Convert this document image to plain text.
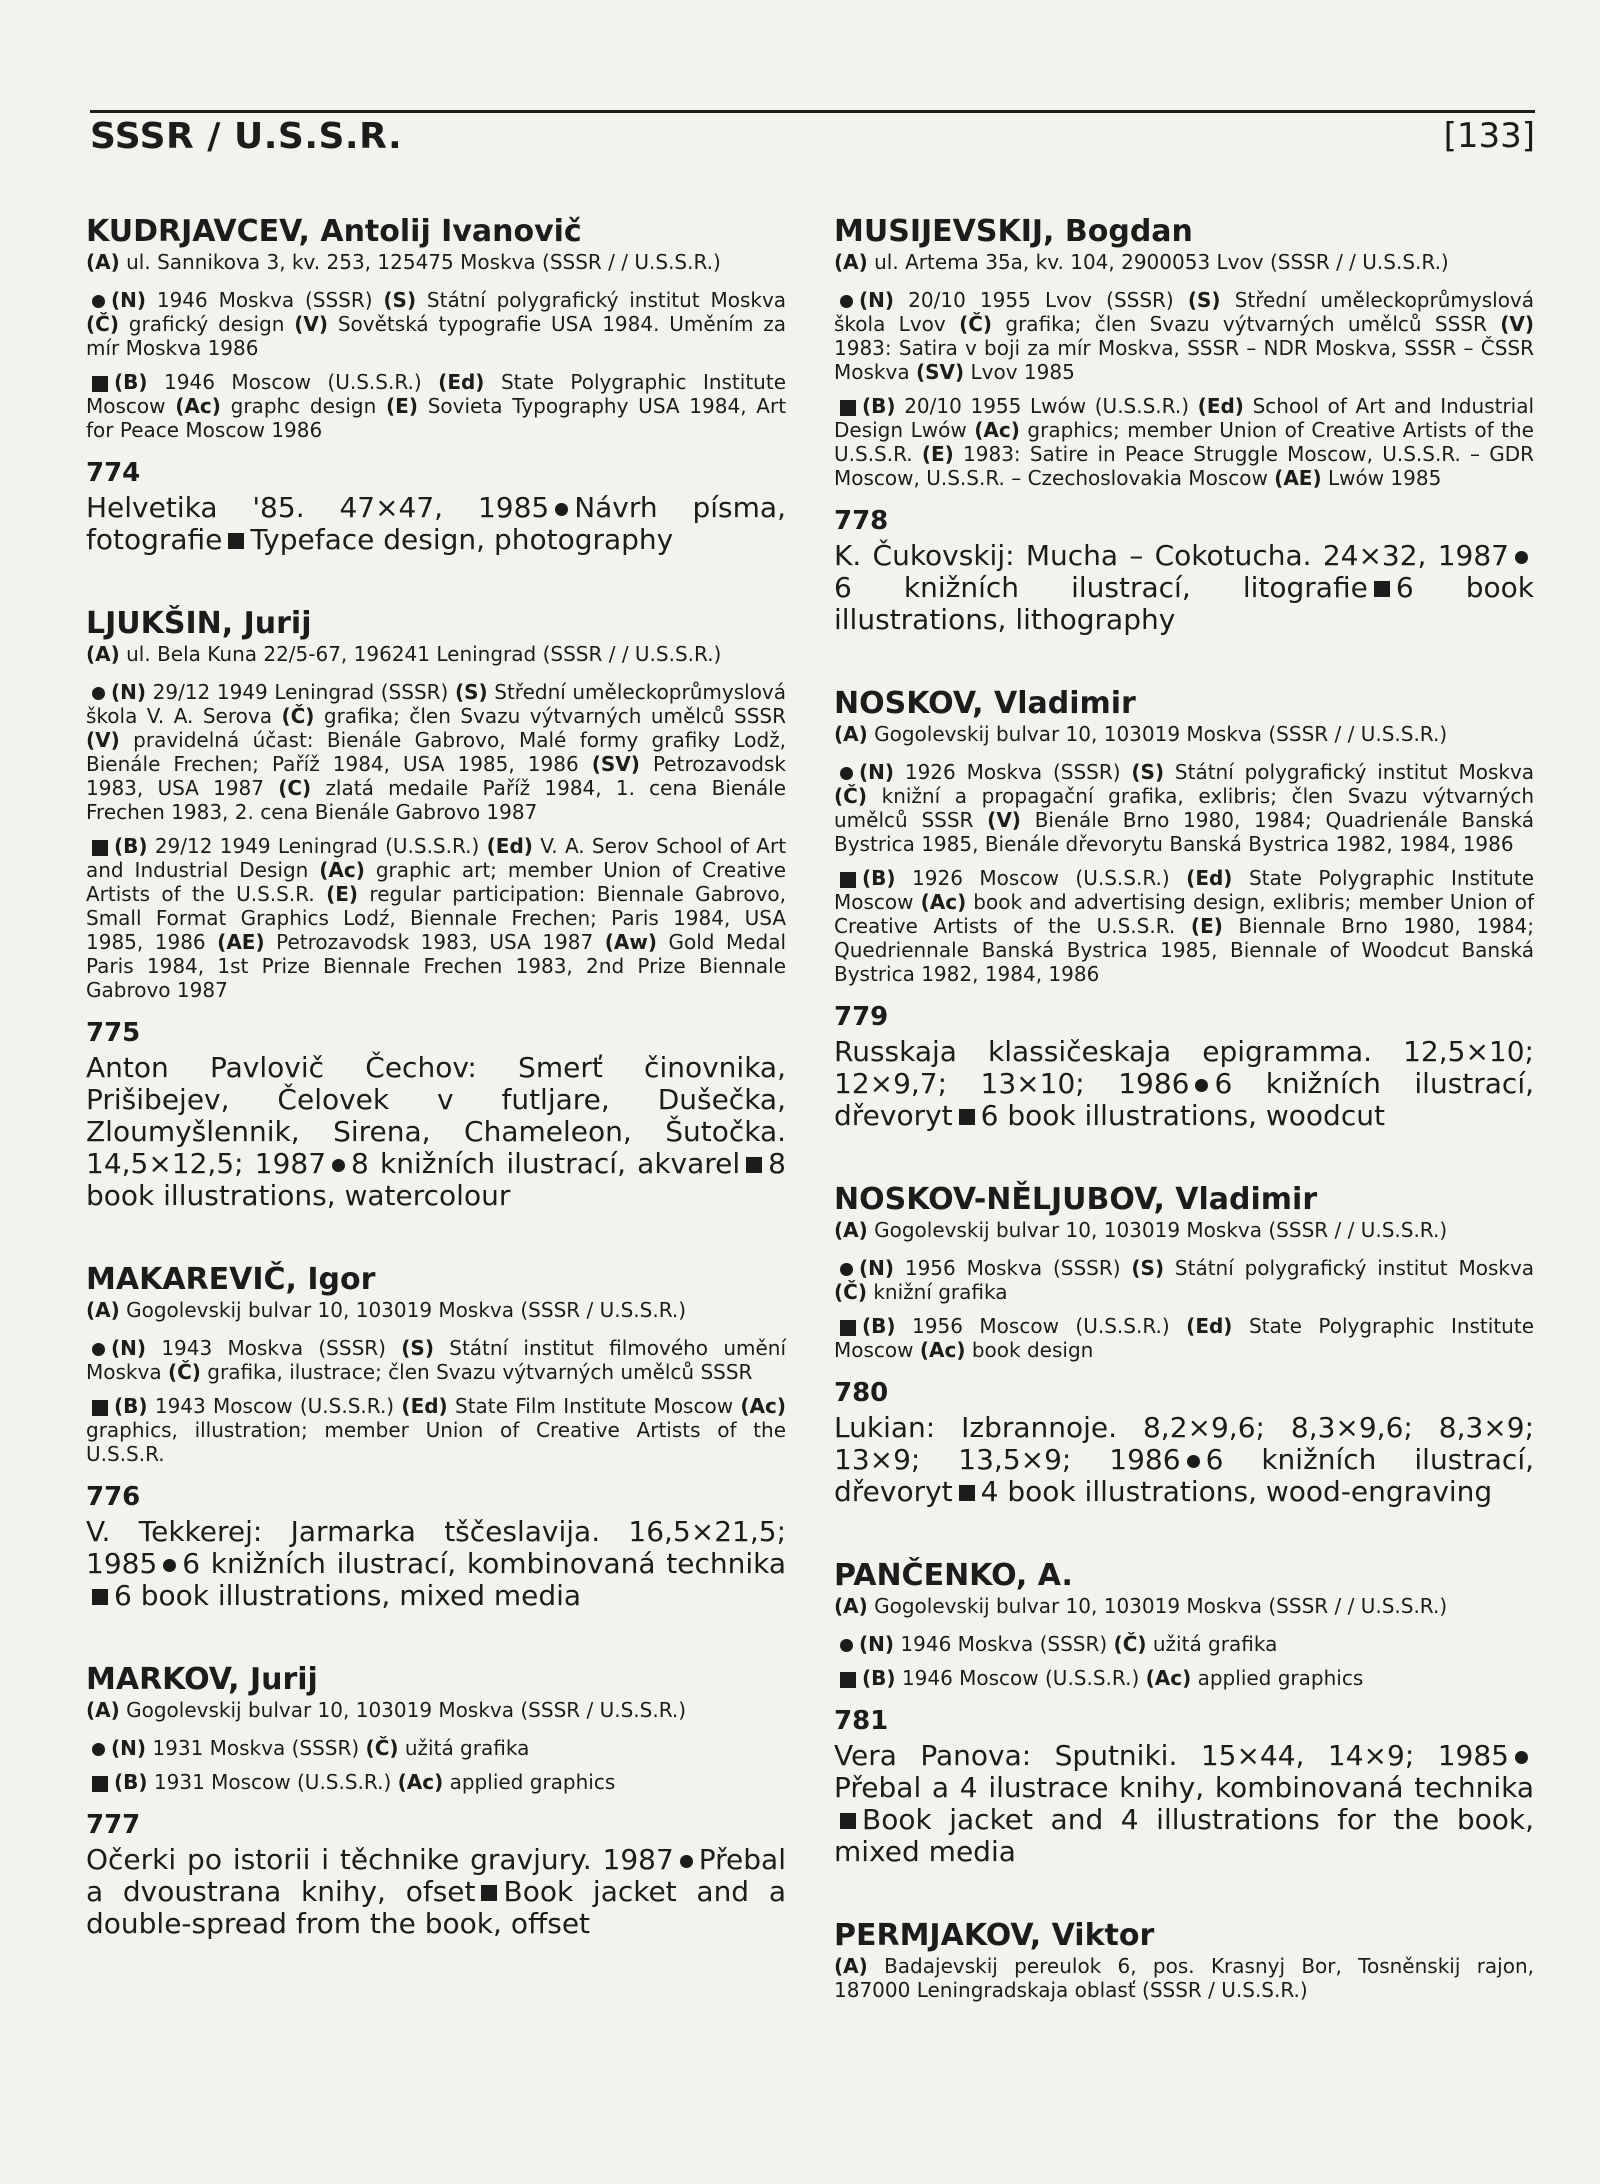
SSSR / U.S.S.R.	[133]
KUDRJAVCEV, Antolij Ivanovič

(A) ul. Sannikova 3, kv. 253, 125475 Moskva (SSSR / / U.S.S.R.)

(N) 1946 Moskva (SSSR) (S) Státní polygrafický institut Moskva (Č) grafický design (V) Sovětská typografie USA 1984. Uměním za mír Moskva 1986

(B) 1946 Moscow (U.S.S.R.) (Ed) State Polygraphic Institute Moscow (Ac) graphc design (E) Sovieta Typography USA 1984, Art for Peace Moscow 1986

774

Helvetika '85. 47×47, 1985 Návrh písma, fotografie Typeface design, photography

LJUKŠIN, Jurij

(A) ul. Bela Kuna 22/5-67, 196241 Leningrad (SSSR / / U.S.S.R.)

(N) 29/12 1949 Leningrad (SSSR) (S) Střední uměleckoprůmyslová škola V. A. Serova (Č) grafika; člen Svazu výtvarných umělců SSSR (V) pravidelná účast: Bienále Gabrovo, Malé formy grafiky Lodž, Bienále Frechen; Paříž 1984, USA 1985, 1986 (SV) Petrozavodsk 1983, USA 1987 (C) zlatá medaile Paříž 1984, 1. cena Bienále Frechen 1983, 2. cena Bienále Gabrovo 1987

(B) 29/12 1949 Leningrad (U.S.S.R.) (Ed) V. A. Serov School of Art and Industrial Design (Ac) graphic art; member Union of Creative Artists of the U.S.S.R. (E) regular participation: Biennale Gabrovo, Small Format Graphics Lodź, Biennale Frechen; Paris 1984, USA 1985, 1986 (AE) Petrozavodsk 1983, USA 1987 (Aw) Gold Medal Paris 1984, 1st Prize Biennale Frechen 1983, 2nd Prize Biennale Gabrovo 1987

775

Anton Pavlovič Čechov: Smerť činovnika, Prišibejev, Čelovek v futljare, Dušečka, Zloumyšlennik, Sirena, Chameleon, Šutočka. 14,5×12,5; 1987 8 knižních ilustrací, akvarel 8 book illustrations, watercolour

MAKAREVIČ, Igor

(A) Gogolevskij bulvar 10, 103019 Moskva (SSSR / U.S.S.R.)

(N) 1943 Moskva (SSSR) (S) Státní institut filmového umění Moskva (Č) grafika, ilustrace; člen Svazu výtvarných umělců SSSR

(B) 1943 Moscow (U.S.S.R.) (Ed) State Film Institute Moscow (Ac) graphics, illustration; member Union of Creative Artists of the U.S.S.R.

776

V. Tekkerej: Jarmarka tščeslavija. 16,5×21,5; 1985 6 knižních ilustrací, kombinovaná technika6 book illustrations, mixed media

MARKOV, Jurij

(A) Gogolevskij bulvar 10, 103019 Moskva (SSSR / U.S.S.R.)

(N) 1931 Moskva (SSSR) (Č) užitá grafika

(B) 1931 Moscow (U.S.S.R.) (Ac) applied graphics

777

Očerki po istorii i těchnike gravjury. 1987 Přebal a dvoustrana knihy, ofset Book jacket and a double-spread from the book, offset

MUSIJEVSKIJ, Bogdan

(A) ul. Artema 35a, kv. 104, 2900053 Lvov (SSSR / / U.S.S.R.)

(N) 20/10 1955 Lvov (SSSR) (S) Střední uměleckoprůmyslová škola Lvov (Č) grafika; člen Svazu výtvarných umělců SSSR (V) 1983: Satira v boji za mír Moskva, SSSR – NDR Moskva, SSSR – ČSSR Moskva (SV) Lvov 1985

(B) 20/10 1955 Lwów (U.S.S.R.) (Ed) School of Art and Industrial Design Lwów (Ac) graphics; member Union of Creative Artists of the U.S.S.R. (E) 1983: Satire in Peace Struggle Moscow, U.S.S.R. – GDR Moscow, U.S.S.R. – Czechoslovakia Moscow (AE) Lwów 1985

778

K. Čukovskij: Mucha – Cokotucha. 24×32, 19876 knižních ilustrací, litografie 6 book illustrations, lithography

NOSKOV, Vladimir

(A) Gogolevskij bulvar 10, 103019 Moskva (SSSR / / U.S.S.R.)

(N) 1926 Moskva (SSSR) (S) Státní polygrafický institut Moskva (Č) knižní a propagační grafika, exlibris; člen Svazu výtvarných umělců SSSR (V) Bienále Brno 1980, 1984; Quadrienále Banská Bystrica 1985, Bienále dřevorytu Banská Bystrica 1982, 1984, 1986

(B) 1926 Moscow (U.S.S.R.) (Ed) State Polygraphic Institute Moscow (Ac) book and advertising design, exlibris; member Union of Creative Artists of the U.S.S.R. (E) Biennale Brno 1980, 1984; Quedriennale Banská Bystrica 1985, Biennale of Woodcut Banská Bystrica 1982, 1984, 1986

779

Russkaja klassičeskaja epigramma. 12,5×10; 12×9,7; 13×10; 1986 6 knižních ilustrací, dřevoryt 6 book illustrations, woodcut

NOSKOV-NĚLJUBOV, Vladimir

(A) Gogolevskij bulvar 10, 103019 Moskva (SSSR / / U.S.S.R.)

(N) 1956 Moskva (SSSR) (S) Státní polygrafický institut Moskva (Č) knižní grafika

(B) 1956 Moscow (U.S.S.R.) (Ed) State Polygraphic Institute Moscow (Ac) book design

780

Lukian: Izbrannoje. 8,2×9,6; 8,3×9,6; 8,3×9; 13×9; 13,5×9; 1986 6 knižních ilustrací, dřevoryt 4 book illustrations, wood-engraving

PANČENKO, A.

(A) Gogolevskij bulvar 10, 103019 Moskva (SSSR / / U.S.S.R.)

(N) 1946 Moskva (SSSR) (Č) užitá grafika

(B) 1946 Moscow (U.S.S.R.) (Ac) applied graphics

781

Vera Panova: Sputniki. 15×44, 14×9; 1985Přebal a 4 ilustrace knihy, kombinovaná technikaBook jacket and 4 illustrations for the book, mixed media

PERMJAKOV, Viktor

(A) Badajevskij pereulok 6, pos. Krasnyj Bor, Tosněnskij rajon, 187000 Leningradskaja oblasť (SSSR / U.S.S.R.)
